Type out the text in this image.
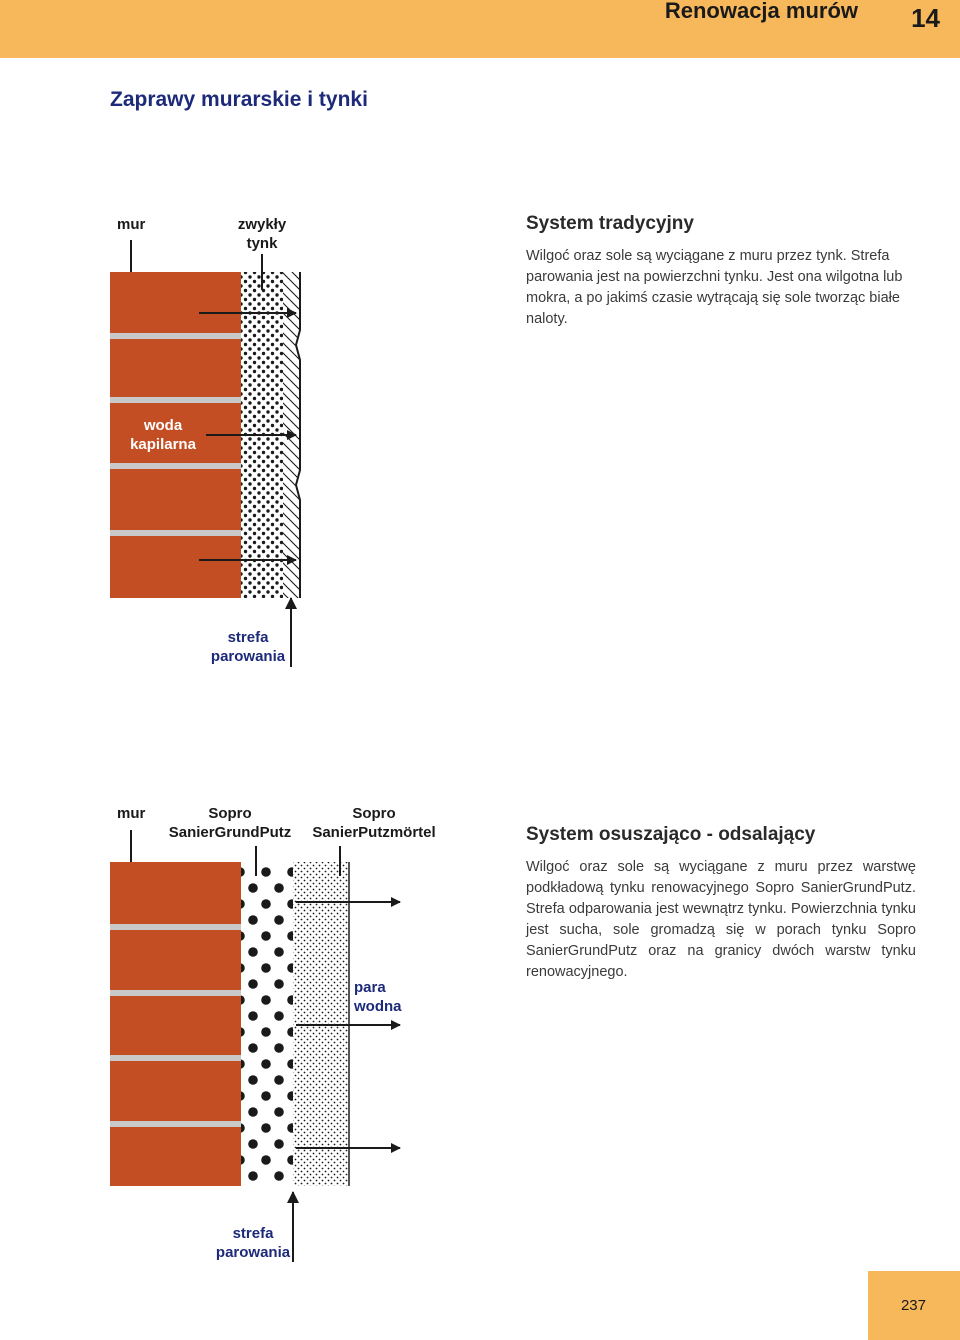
Renowacja murów 14
Zaprawy murarskie i tynki
mur	zwykły
tynk
woda
kapilarna
strefa
parowania
System tradycyjny
Wilgoć oraz sole są wyciągane z muru przez tynk. Strefa parowania jest na powierzchni tynku. Jest ona wilgotna lub mokra, a po jakimś czasie wytrącają się sole tworząc białe naloty.
mur	Sopro
SanierGrundPutz
Sopro
SanierPutzmörtel
para
wodna
strefa
parowania
System osuszająco - odsalający
Wilgoć oraz sole są wyciągane z muru przez warstwę podkładową tynku renowacyjnego Sopro SanierGrundPutz. Strefa odparowania jest wewnątrz tynku. Powierzchnia tynku jest sucha, sole gromadzą się w porach tynku Sopro SanierGrundPutz oraz na granicy dwóch warstw tynku renowacyjnego.
237
